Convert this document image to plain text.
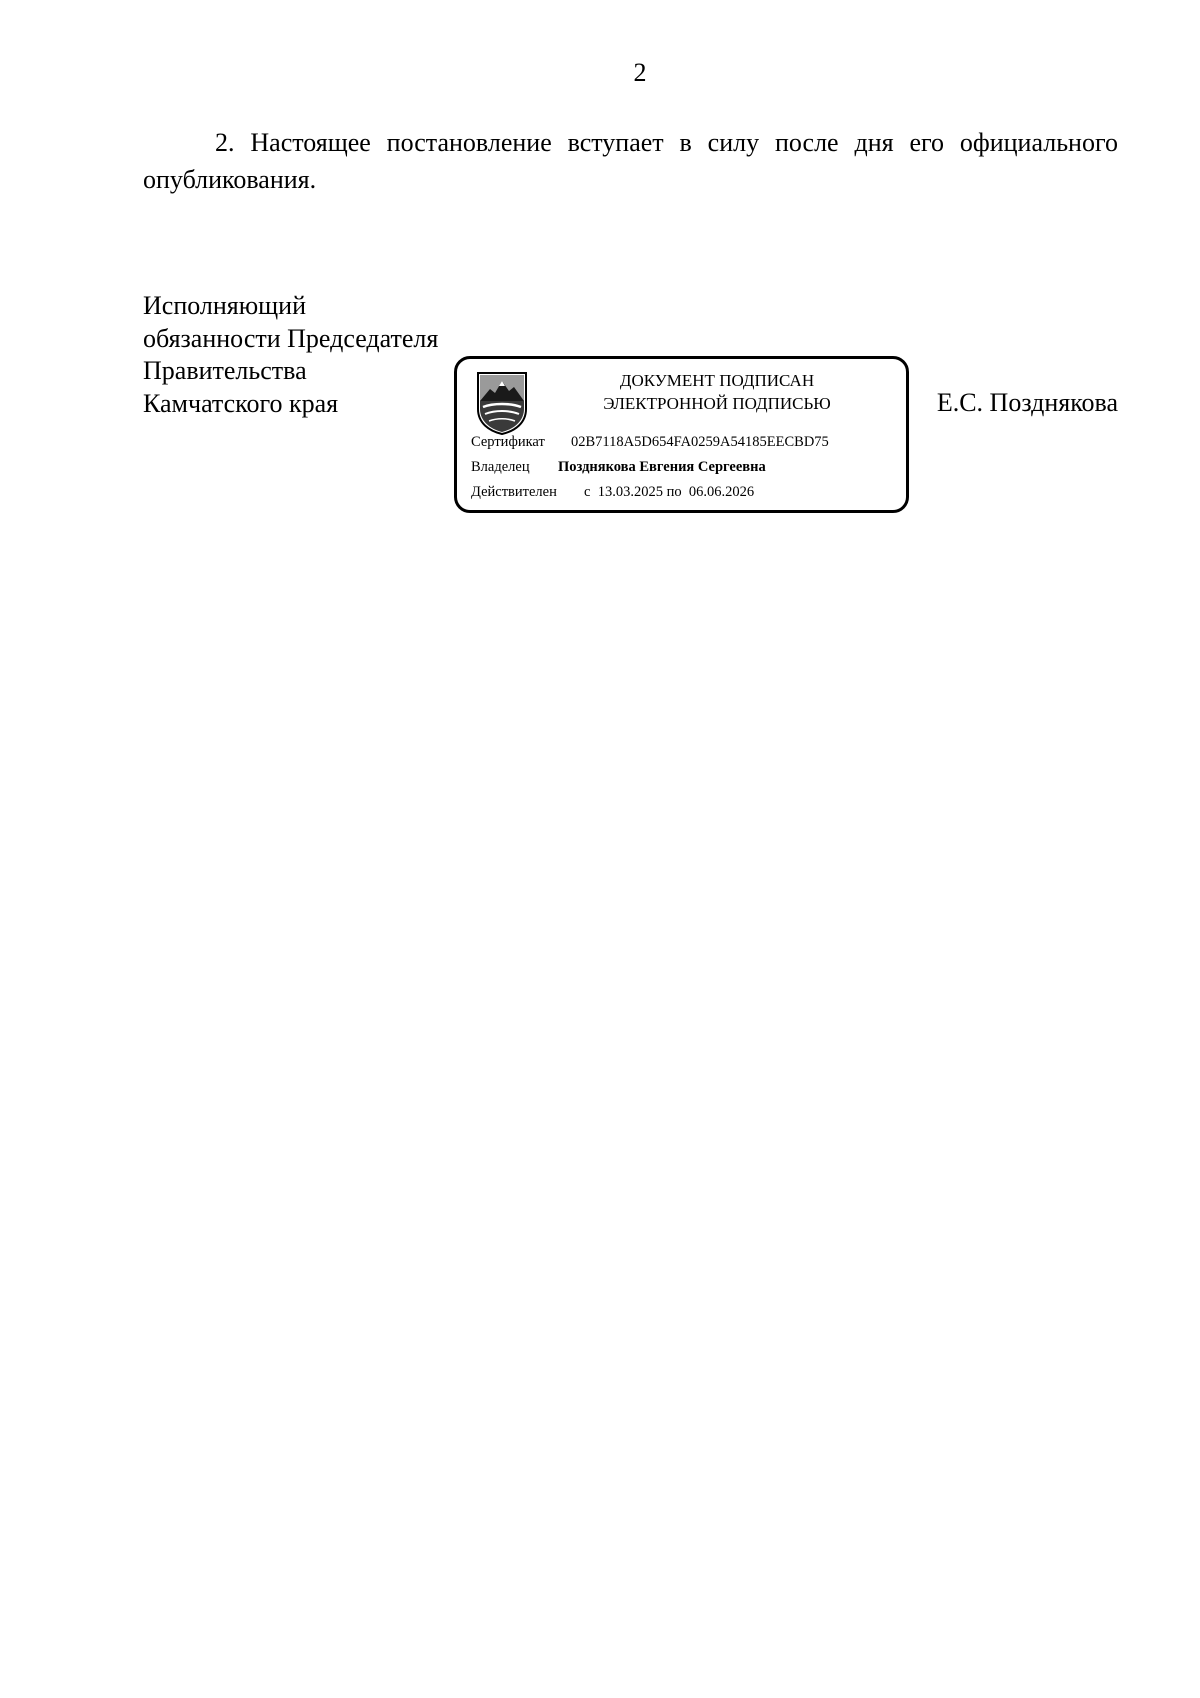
2

2. Настоящее постановление вступает в силу после дня его официального опубликования.

Исполняющий
обязанности Председателя
Правительства
Камчатского края	Е.С. Позднякова
ДОКУМЕНТ ПОДПИСАН
ЭЛЕКТРОННОЙ ПОДПИСЬЮ
Сертификат 02B7118A5D654FA0259A54185EECBD75
Владелец Позднякова Евгения Сергеевна
Действителен с 13.03.2025 по 06.06.2026
